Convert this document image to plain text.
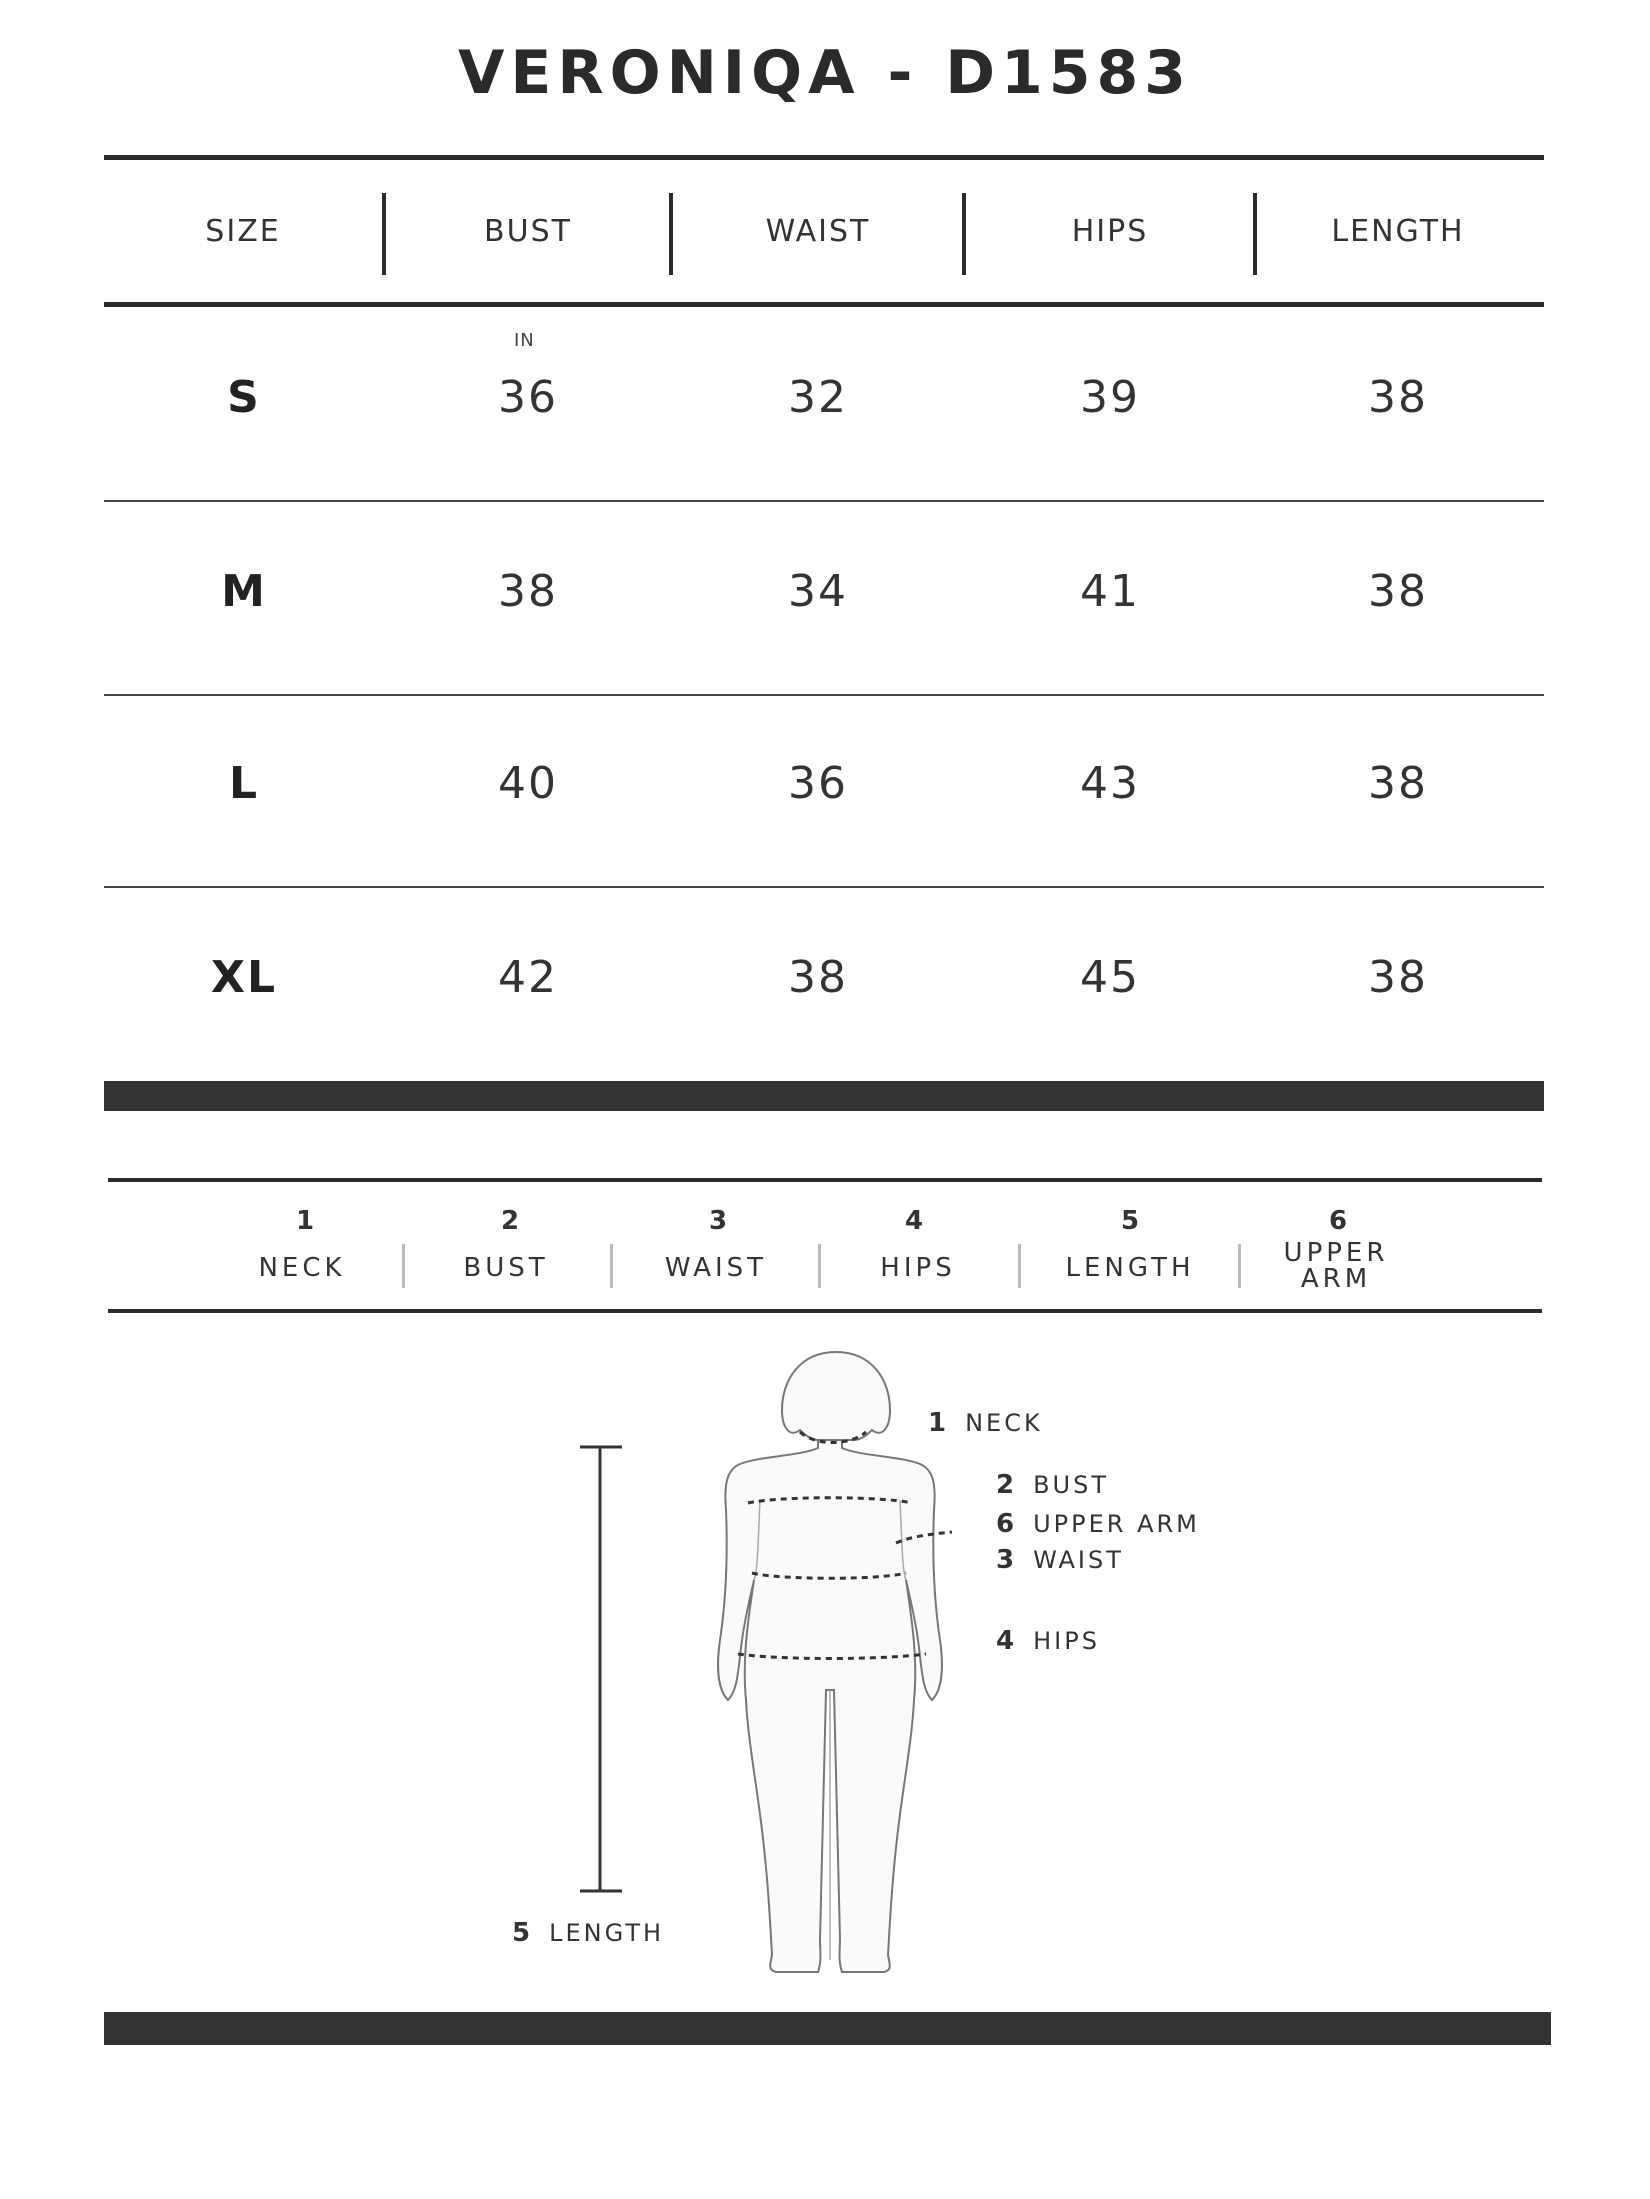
VERONIQA - D1583
SIZE	BUST	WAIST	HIPS	LENGTH
IN
S	36	32	39	38
M	38	34	41	38
L	40	36	43	38
XL	42	38	45	38
1
NECK
2
BUST
3
WAIST
4
HIPS
5
LENGTH
6
UPPER ARM
1 NECK
2 BUST
6 UPPER ARM
3 WAIST
4 HIPS
5 LENGTH
